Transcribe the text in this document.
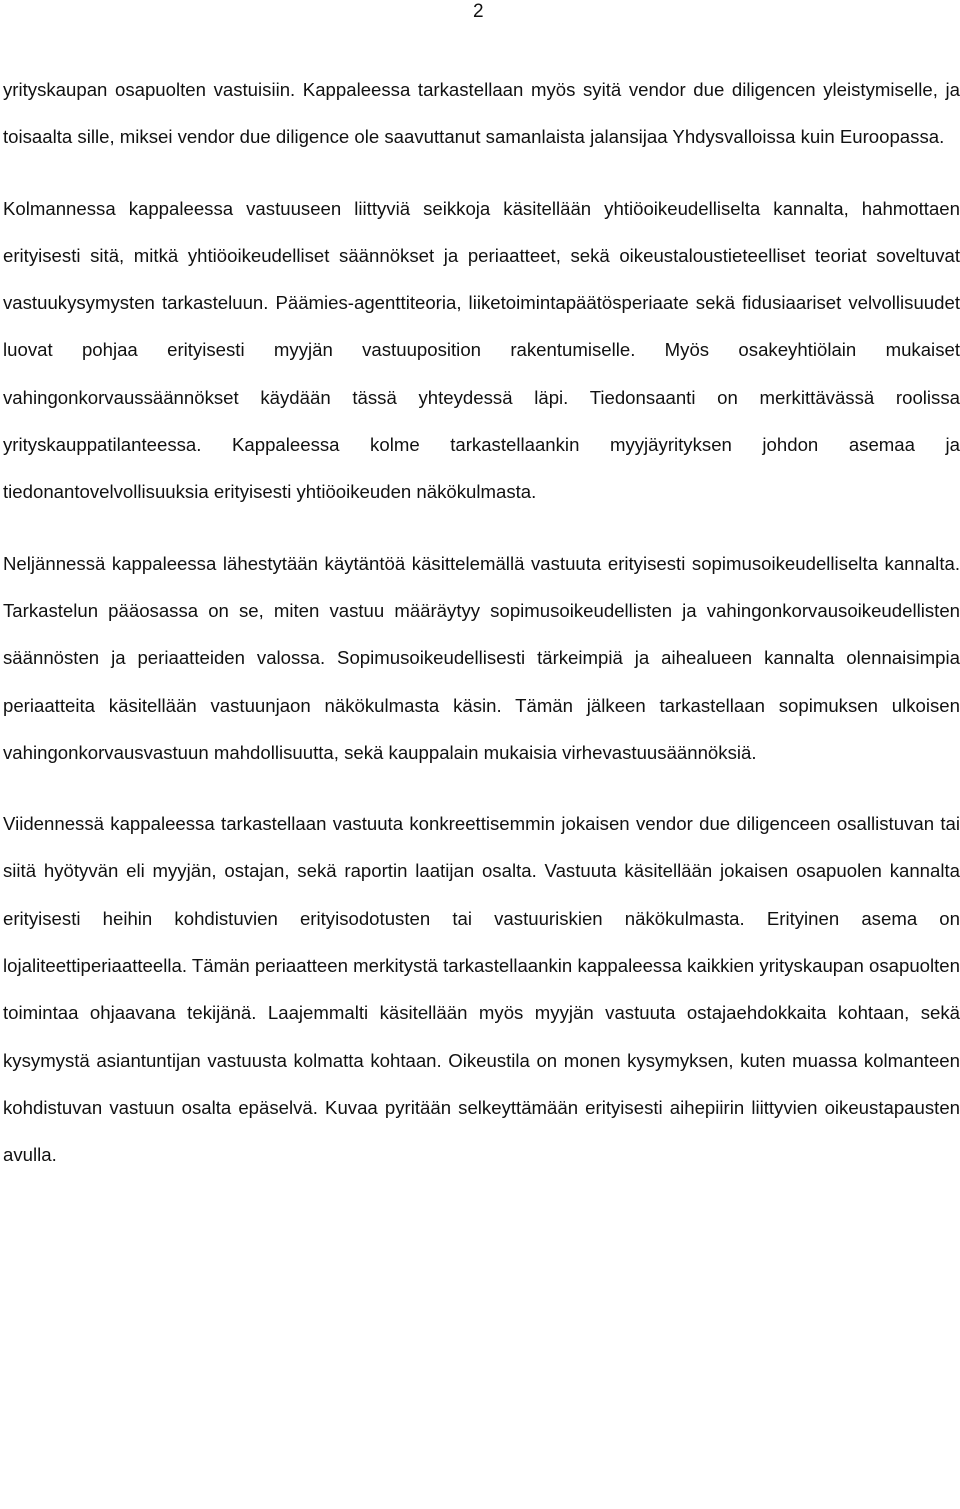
2

yrityskaupan osapuolten vastuisiin. Kappaleessa tarkastellaan myös syitä vendor due diligencen yleistymiselle, ja toisaalta sille, miksei vendor due diligence ole saavuttanut samanlaista jalansijaa Yhdysvalloissa kuin Euroopassa.

Kolmannessa kappaleessa vastuuseen liittyviä seikkoja käsitellään yhtiöoikeudelliselta kannalta, hahmottaen erityisesti sitä, mitkä yhtiöoikeudelliset säännökset ja periaatteet, sekä oikeustaloustieteelliset teoriat soveltuvat vastuukysymysten tarkasteluun. Päämies-agenttiteoria, liiketoimintapäätösperiaate sekä fidusiaariset velvollisuudet luovat pohjaa erityisesti myyjän vastuuposition rakentumiselle. Myös osakeyhtiölain mukaiset vahingonkorvaussäännökset käydään tässä yhteydessä läpi. Tiedonsaanti on merkittävässä roolissa yrityskauppatilanteessa. Kappaleessa kolme tarkastellaankin myyjäyrityksen johdon asemaa ja tiedonantovelvollisuuksia erityisesti yhtiöoikeuden näkökulmasta.

Neljännessä kappaleessa lähestytään käytäntöä käsittelemällä vastuuta erityisesti sopimusoikeudelliselta kannalta. Tarkastelun pääosassa on se, miten vastuu määräytyy sopimusoikeudellisten ja vahingonkorvausoikeudellisten säännösten ja periaatteiden valossa. Sopimusoikeudellisesti tärkeimpiä ja aihealueen kannalta olennaisimpia periaatteita käsitellään vastuunjaon näkökulmasta käsin. Tämän jälkeen tarkastellaan sopimuksen ulkoisen vahingonkorvausvastuun mahdollisuutta, sekä kauppalain mukaisia virhevastuusäännöksiä.

Viidennessä kappaleessa tarkastellaan vastuuta konkreettisemmin jokaisen vendor due diligenceen osallistuvan tai siitä hyötyvän eli myyjän, ostajan, sekä raportin laatijan osalta. Vastuuta käsitellään jokaisen osapuolen kannalta erityisesti heihin kohdistuvien erityisodotusten tai vastuuriskien näkökulmasta. Erityinen asema on lojaliteettiperiaatteella. Tämän periaatteen merkitystä tarkastellaankin kappaleessa kaikkien yrityskaupan osapuolten toimintaa ohjaavana tekijänä. Laajemmalti käsitellään myös myyjän vastuuta ostajaehdokkaita kohtaan, sekä kysymystä asiantuntijan vastuusta kolmatta kohtaan. Oikeustila on monen kysymyksen, kuten muassa kolmanteen kohdistuvan vastuun osalta epäselvä. Kuvaa pyritään selkeyttämään erityisesti aihepiirin liittyvien oikeustapausten avulla.
